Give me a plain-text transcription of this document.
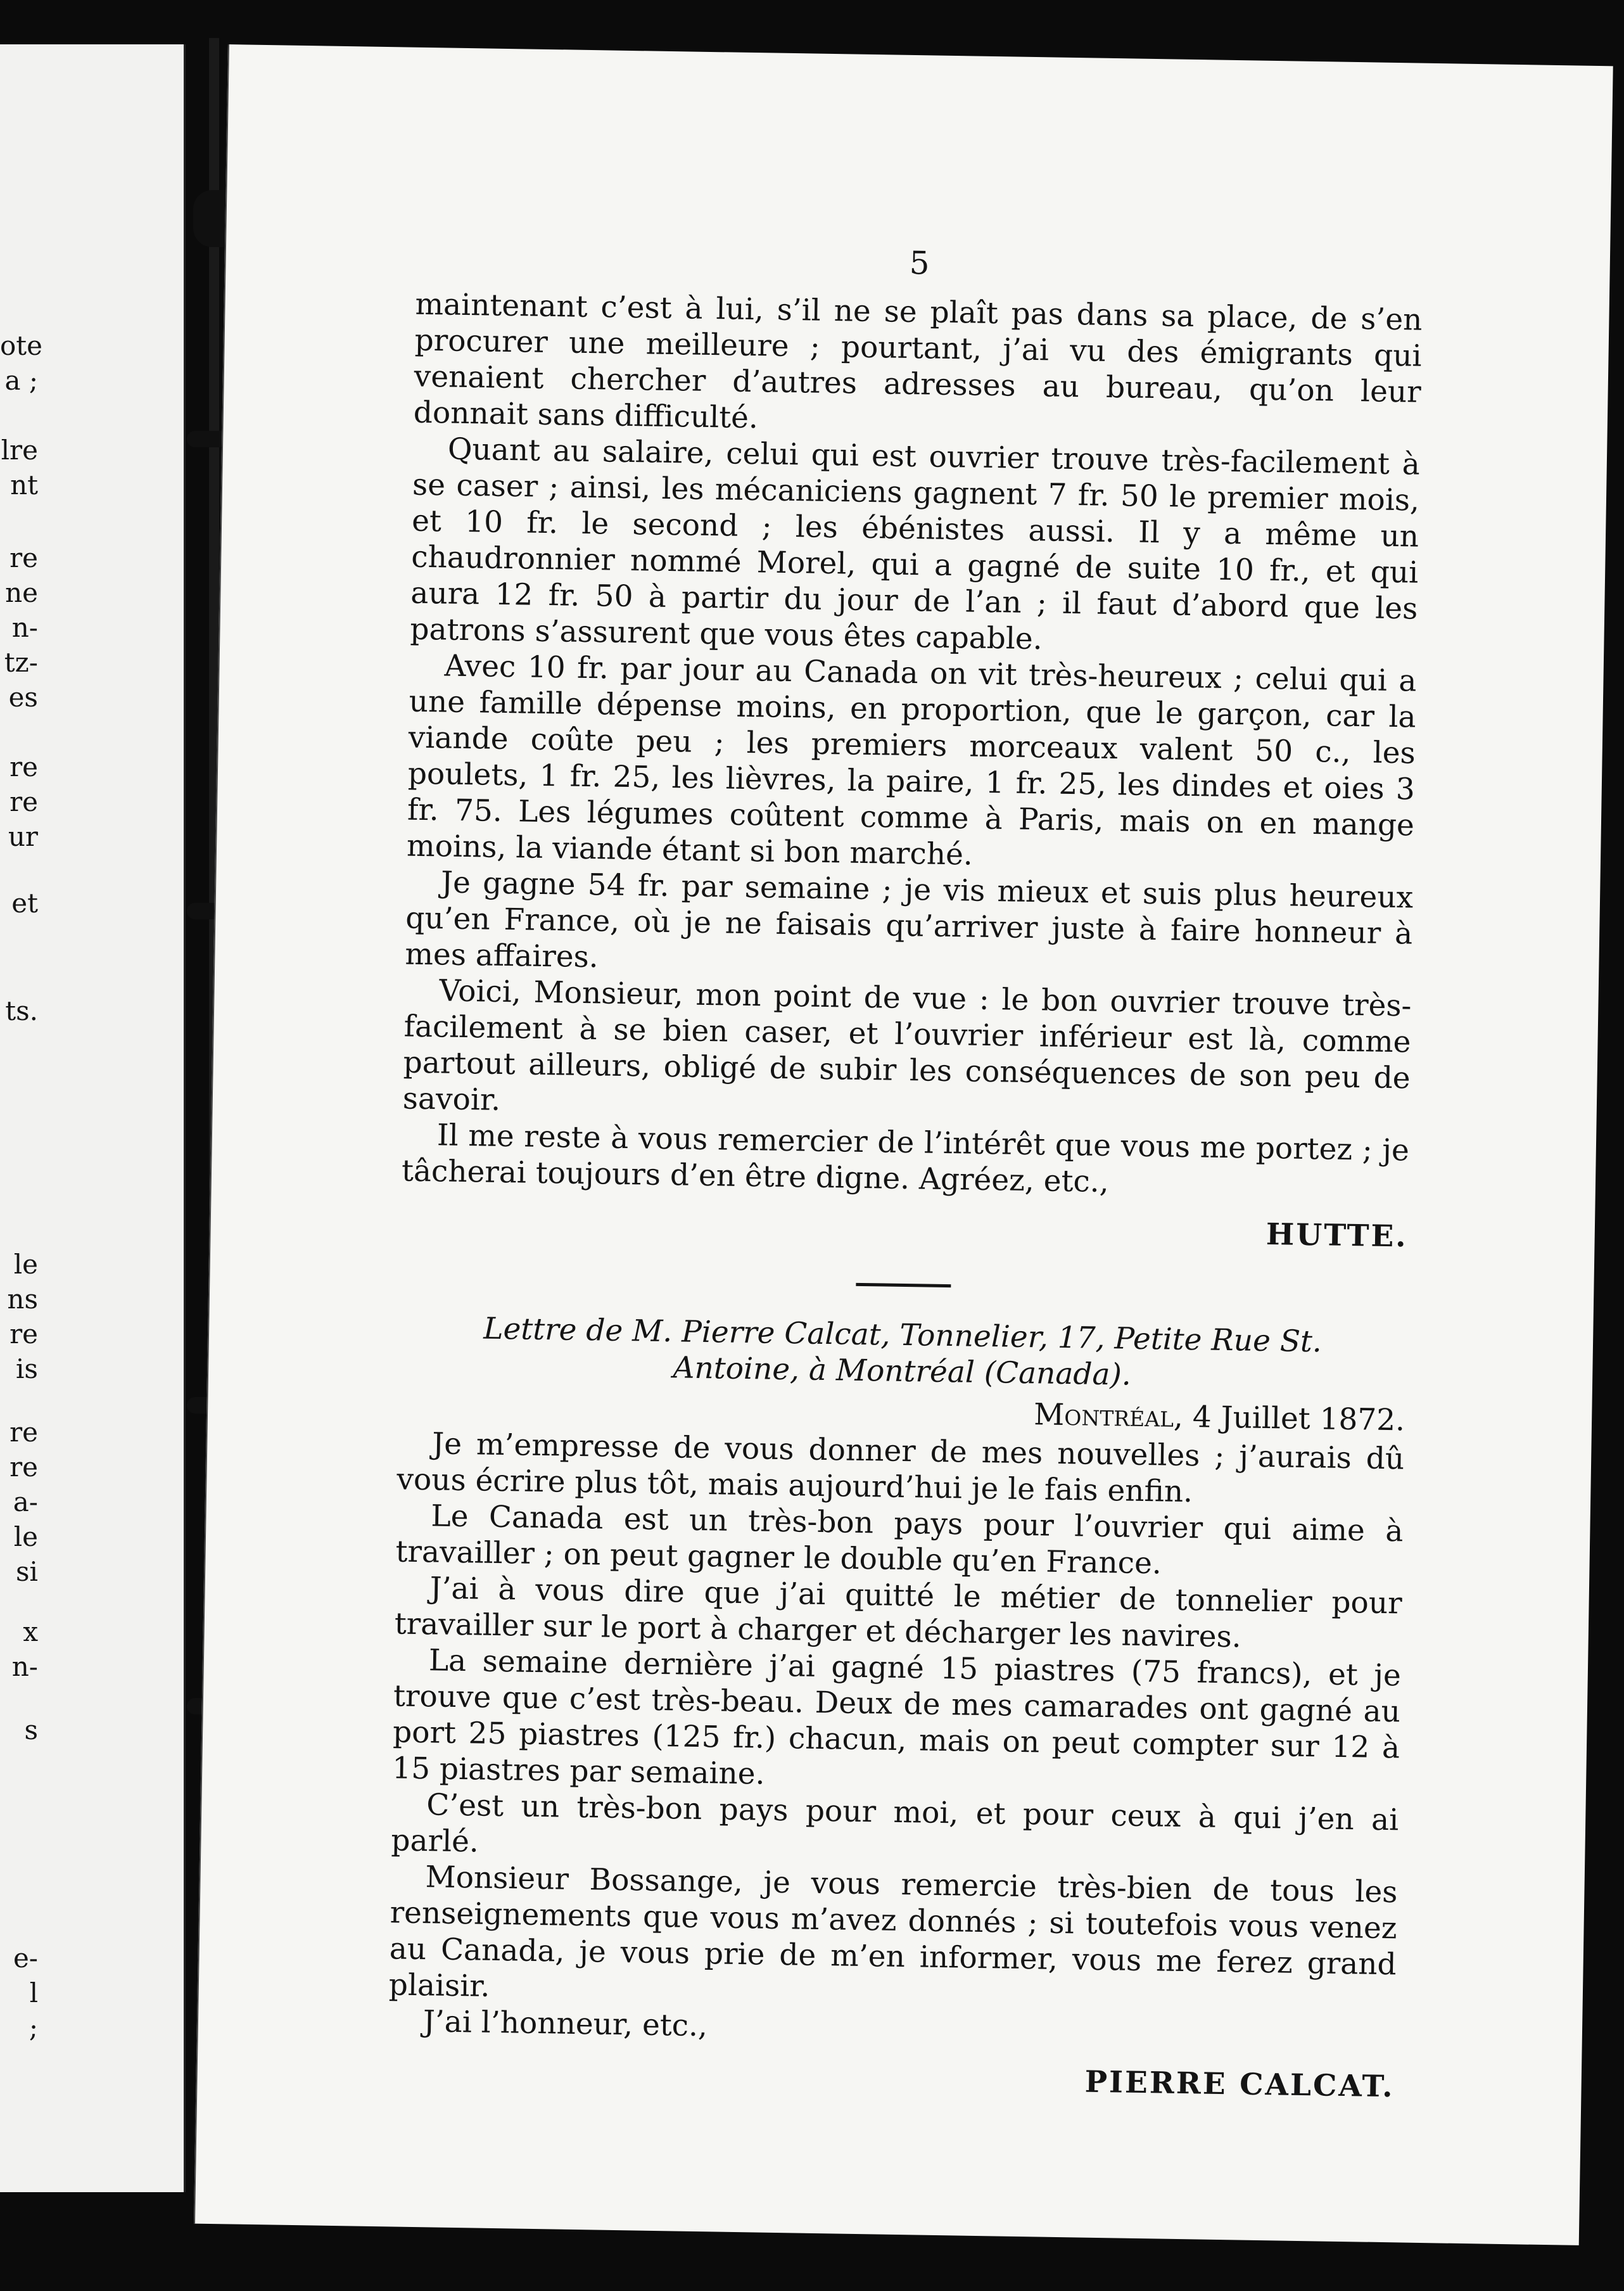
ote
a ;
lre
nt
re
ne
n-
tz-
es
re
re
ur
et
ts.
le
ns
re
is
re
re
a-
le
si
x
n-
s
e-
l
;
5

maintenant c’est à lui, s’il ne se plaît pas dans sa place, de s’en procurer une meilleure ; pourtant, j’ai vu des émigrants qui venaient chercher d’autres adresses au bureau, qu’on leur donnait sans difficulté.

Quant au salaire, celui qui est ouvrier trouve très-facilement à se caser ; ainsi, les mécaniciens gagnent 7 fr. 50 le premier mois, et 10 fr. le second ; les ébénistes aussi. Il y a même un chaudronnier nommé Morel, qui a gagné de suite 10 fr., et qui aura 12 fr. 50 à partir du jour de l’an ; il faut d’abord que les patrons s’assurent que vous êtes capable.

Avec 10 fr. par jour au Canada on vit très-heureux ; celui qui a une famille dépense moins, en proportion, que le garçon, car la viande coûte peu ; les premiers morceaux valent 50 c., les poulets, 1 fr. 25, les lièvres, la paire, 1 fr. 25, les dindes et oies 3 fr. 75. Les légumes coûtent comme à Paris, mais on en mange moins, la viande étant si bon marché.

Je gagne 54 fr. par semaine ; je vis mieux et suis plus heureux qu’en France, où je ne faisais qu’arriver juste à faire honneur à mes affaires.

Voici, Monsieur, mon point de vue : le bon ouvrier trouve très-facilement à se bien caser, et l’ouvrier inférieur est là, comme partout ailleurs, obligé de subir les conséquences de son peu de savoir.

Il me reste à vous remercier de l’intérêt que vous me portez ; je tâcherai toujours d’en être digne. Agréez, etc.,

HUTTE.
Lettre de M. Pierre Calcat, Tonnelier, 17, Petite Rue St. Antoine, à Montréal (Canada).
Montréal, 4 Juillet 1872.

Je m’empresse de vous donner de mes nouvelles ; j’aurais dû vous écrire plus tôt, mais aujourd’hui je le fais enfin.

Le Canada est un très-bon pays pour l’ouvrier qui aime à travailler ; on peut gagner le double qu’en France.

J’ai à vous dire que j’ai quitté le métier de tonnelier pour travailler sur le port à charger et décharger les navires.

La semaine dernière j’ai gagné 15 piastres (75 francs), et je trouve que c’est très-beau. Deux de mes camarades ont gagné au port 25 piastres (125 fr.) chacun, mais on peut compter sur 12 à 15 piastres par semaine.

C’est un très-bon pays pour moi, et pour ceux à qui j’en ai parlé.

Monsieur Bossange, je vous remercie très-bien de tous les renseignements que vous m’avez donnés ; si toutefois vous venez au Canada, je vous prie de m’en informer, vous me ferez grand plaisir.

J’ai l’honneur, etc.,

PIERRE CALCAT.
